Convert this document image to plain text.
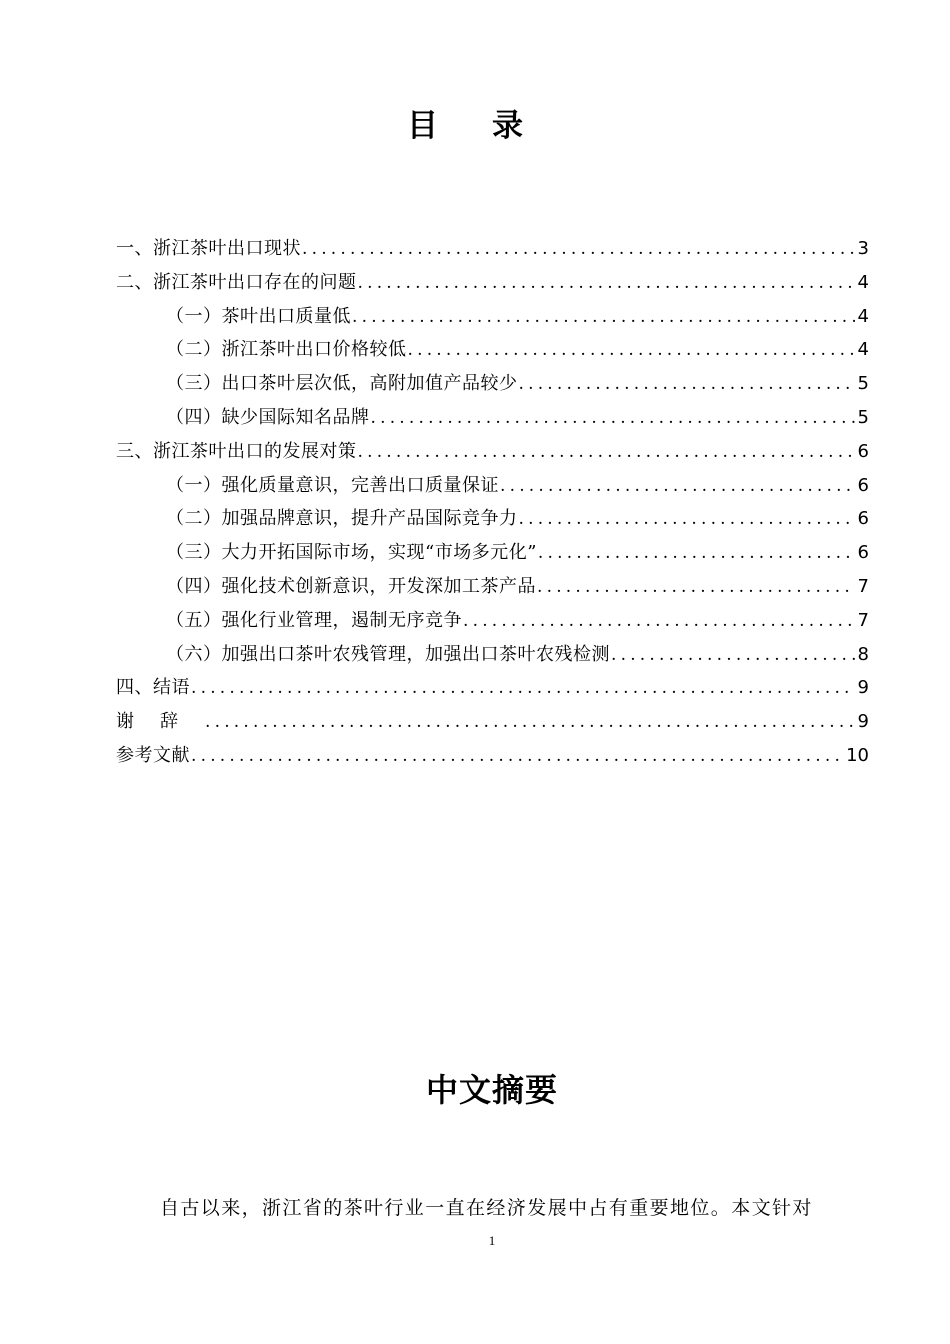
目录
一、浙江茶叶出口现状 .....	3
二、浙江茶叶出口存在的问题 .....	4
（一）茶叶出口质量低 .....	4
（二）浙江茶叶出口价格较低 .....	4
（三）出口茶叶层次低，高附加值产品较少 .....	5
（四）缺少国际知名品牌 .....	5
三、浙江茶叶出口的发展对策 .....	6
（一）强化质量意识，完善出口质量保证 .....	6
（二）加强品牌意识，提升产品国际竞争力 .....	6
（三）大力开拓国际市场，实现“市场多元化” .....	6
（四）强化技术创新意识，开发深加工茶产品 .....	7
（五）强化行业管理，遏制无序竞争 .....	7
（六）加强出口茶叶农残管理，加强出口茶叶农残检测 .....	8
四、结语 .....	9
谢辞 .....	9
参考文献 .....	10
中文摘要
自古以来，浙江省的茶叶行业一直在经济发展中占有重要地位。本文针对
1
